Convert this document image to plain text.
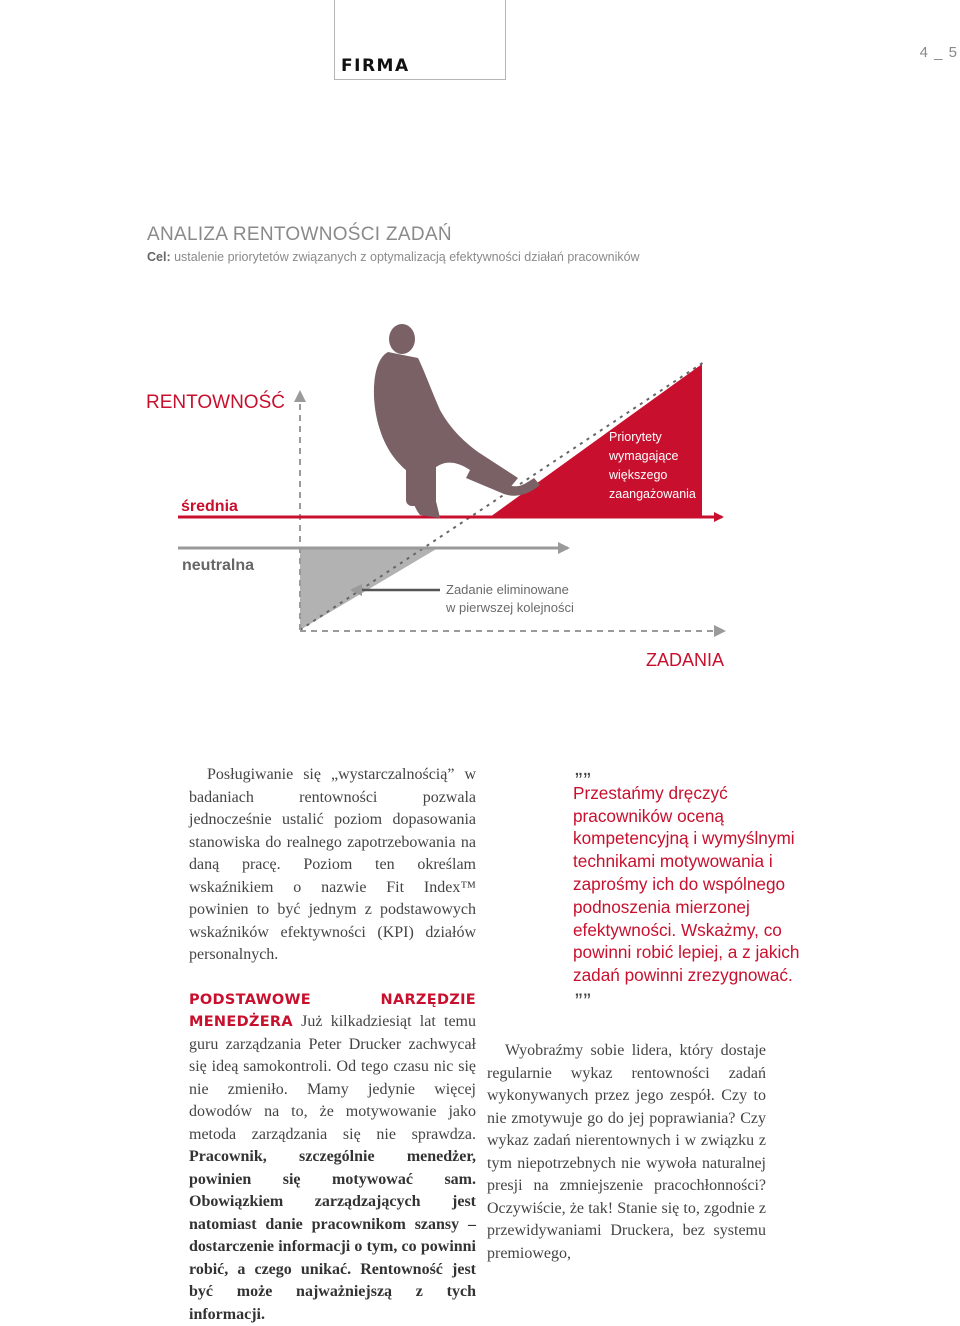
FIRMA
4 _ 5
ANALIZA RENTOWNOŚCI ZADAŃ
Cel: ustalenie priorytetów związanych z optymalizacją efektywności działań pracowników
RENTOWNOŚĆ
średnia
neutralna
ZADANIA
Priorytety
wymagające
większego
zaangażowania
Zadanie eliminowane
w pierwszej kolejności

Posługiwanie się „wystarczalnością” w badaniach rentowności pozwala jednocześnie ustalić poziom dopasowania stanowiska do realnego zapotrzebowania na daną pracę. Poziom ten określam wskaźnikiem o nazwie Fit Index™ powinien to być jednym z podstawowych wskaźników efektywności (KPI) działów personalnych.

PODSTAWOWE NARZĘDZIE MENEDŻERA Już kilkadziesiąt lat temu guru zarządzania Peter Drucker zachwycał się ideą samokontroli. Od tego czasu nic się nie zmieniło. Mamy jedynie więcej dowodów na to, że motywowanie jako metoda zarządzania się nie sprawdza. Pracownik, szczególnie menedżer, powinien się motywować sam. Obowiązkiem zarządzających jest natomiast danie pracownikom szansy – dostarczenie informacji o tym, co powinni robić, a czego unikać. Rentowność jest być może najważniejszą z tych informacji.

„„
Przestańmy dręczyć pracowników oceną kompetencyjną i wymyślnymi technikami motywowania i zaprośmy ich do wspólnego podnoszenia mierzonej efektywności. Wskażmy, co powinni robić lepiej, a z jakich zadań powinni zrezygnować.
””

Wyobraźmy sobie lidera, który dostaje regularnie wykaz rentowności zadań wykonywanych przez jego zespół. Czy to nie zmotywuje go do jej poprawiania? Czy wykaz zadań nierentownych i w związku z tym niepotrzebnych nie wywoła naturalnej presji na zmniejszenie pracochłonności? Oczywiście, że tak! Stanie się to, zgodnie z przewidywaniami Druckera, bez systemu premiowego,
